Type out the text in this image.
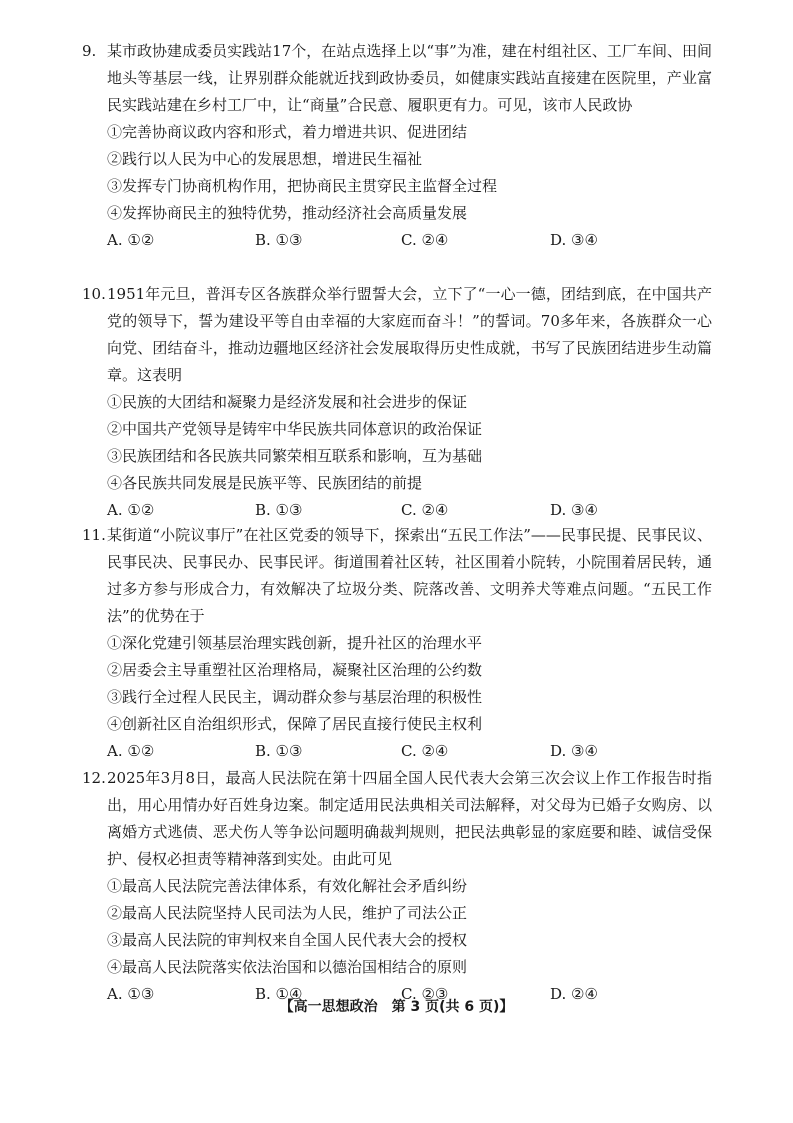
9. 某市政协建成委员实践站17个，在站点选择上以“事”为准，建在村组社区、工厂车间、田间地头等基层一线，让界别群众能就近找到政协委员，如健康实践站直接建在医院里，产业富民实践站建在乡村工厂中，让“商量”合民意、履职更有力。可见，该市人民政协
①完善协商议政内容和形式，着力增进共识、促进团结
②践行以人民为中心的发展思想，增进民生福祉
③发挥专门协商机构作用，把协商民主贯穿民主监督全过程
④发挥协商民主的独特优势，推动经济社会高质量发展
A. ①②	B. ①③	C. ②④	D. ③④
10. 1951年元旦，普洱专区各族群众举行盟誓大会，立下了“一心一德，团结到底，在中国共产党的领导下，誓为建设平等自由幸福的大家庭而奋斗！”的誓词。70多年来，各族群众一心向党、团结奋斗，推动边疆地区经济社会发展取得历史性成就，书写了民族团结进步生动篇章。这表明
①民族的大团结和凝聚力是经济发展和社会进步的保证
②中国共产党领导是铸牢中华民族共同体意识的政治保证
③民族团结和各民族共同繁荣相互联系和影响，互为基础
④各民族共同发展是民族平等、民族团结的前提
A. ①②	B. ①③	C. ②④	D. ③④
11. 某街道“小院议事厅”在社区党委的领导下，探索出“五民工作法”——民事民提、民事民议、民事民决、民事民办、民事民评。街道围着社区转，社区围着小院转，小院围着居民转，通过多方参与形成合力，有效解决了垃圾分类、院落改善、文明养犬等难点问题。“五民工作法”的优势在于
①深化党建引领基层治理实践创新，提升社区的治理水平
②居委会主导重塑社区治理格局，凝聚社区治理的公约数
③践行全过程人民民主，调动群众参与基层治理的积极性
④创新社区自治组织形式，保障了居民直接行使民主权利
A. ①②	B. ①③	C. ②④	D. ③④
12. 2025年3月8日，最高人民法院在第十四届全国人民代表大会第三次会议上作工作报告时指出，用心用情办好百姓身边案。制定适用民法典相关司法解释，对父母为已婚子女购房、以离婚方式逃债、恶犬伤人等争讼问题明确裁判规则，把民法典彰显的家庭要和睦、诚信受保护、侵权必担责等精神落到实处。由此可见
①最高人民法院完善法律体系，有效化解社会矛盾纠纷
②最高人民法院坚持人民司法为人民，维护了司法公正
③最高人民法院的审判权来自全国人民代表大会的授权
④最高人民法院落实依法治国和以德治国相结合的原则
A. ①③	B. ①④	C. ②③	D. ②④
【高一思想政治　第 3 页(共 6 页)】
